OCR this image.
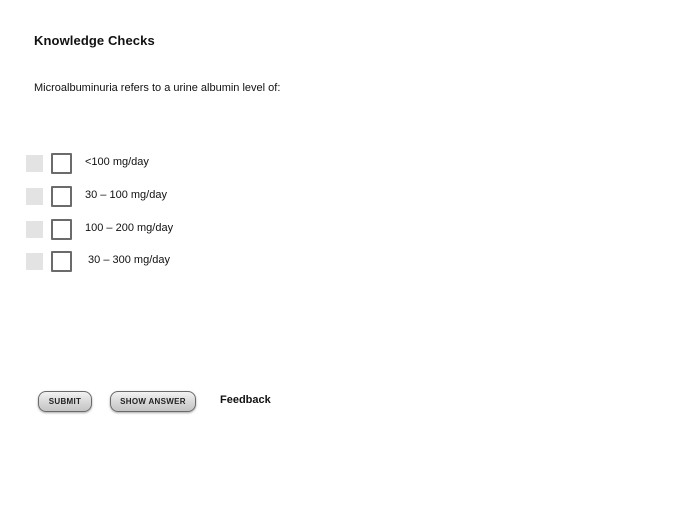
Knowledge Checks
Microalbuminuria refers to a urine albumin level of:
<100 mg/day
30 – 100 mg/day
100 – 200 mg/day
30 – 300 mg/day
SUBMIT	SHOW ANSWER	Feedback
